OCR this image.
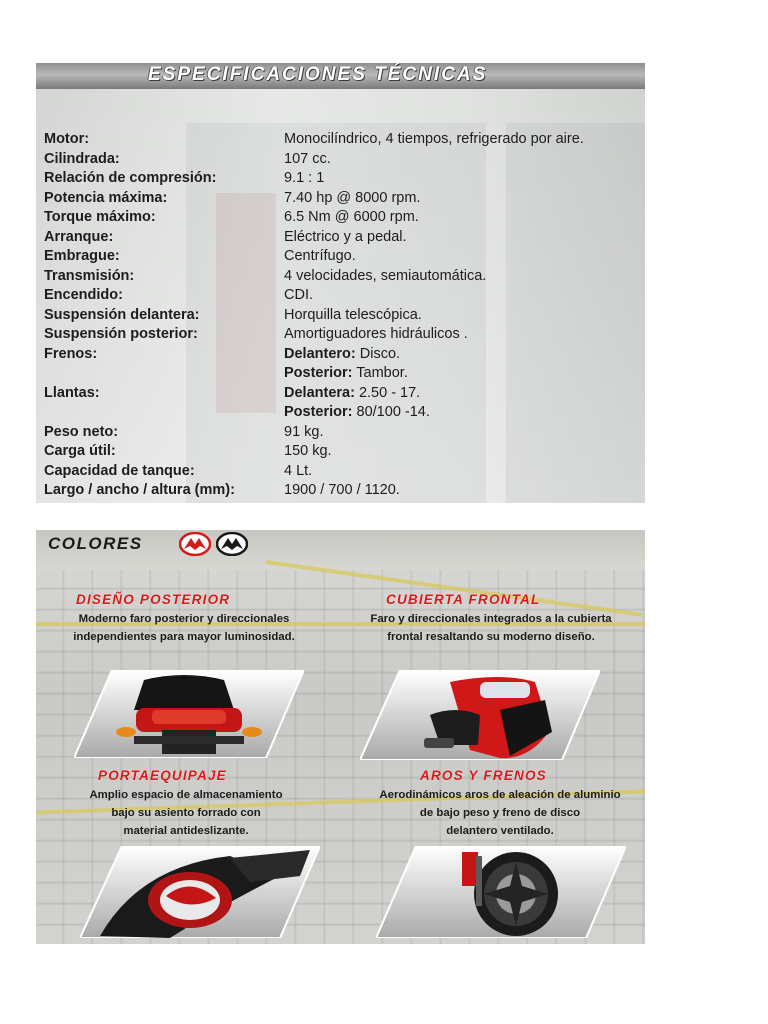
ESPECIFICACIONES TÉCNICAS
Motor:	Monocilíndrico, 4 tiempos, refrigerado por aire.
Cilindrada:	107 cc.
Relación de compresión:	9.1 : 1
Potencia máxima:	7.40 hp @ 8000 rpm.
Torque máximo:	6.5 Nm @ 6000 rpm.
Arranque:	Eléctrico y a pedal.
Embrague:	Centrífugo.
Transmisión:	4 velocidades, semiautomática.
Encendido:	CDI.
Suspensión delantera:	Horquilla telescópica.
Suspensión posterior:	Amortiguadores hidráulicos .
Frenos:	Delantero: Disco.
Posterior: Tambor.
Llantas:	Delantera: 2.50 - 17.
Posterior: 80/100 -14.
Peso neto:	91 kg.
Carga útil:	150 kg.
Capacidad de tanque:	4 Lt.
Largo / ancho / altura (mm):	1900 / 700 / 1120.
COLORES
DISEÑO POSTERIOR
Moderno faro posterior y direccionales
independientes para mayor luminosidad.
CUBIERTA FRONTAL
Faro y direccionales integrados a la cubierta
frontal resaltando su moderno diseño.
PORTAEQUIPAJE
Amplio espacio de almacenamiento
bajo su asiento forrado con
material antideslizante.
AROS Y FRENOS
Aerodinámicos aros de aleación de aluminio
de bajo peso y freno de disco
delantero ventilado.
